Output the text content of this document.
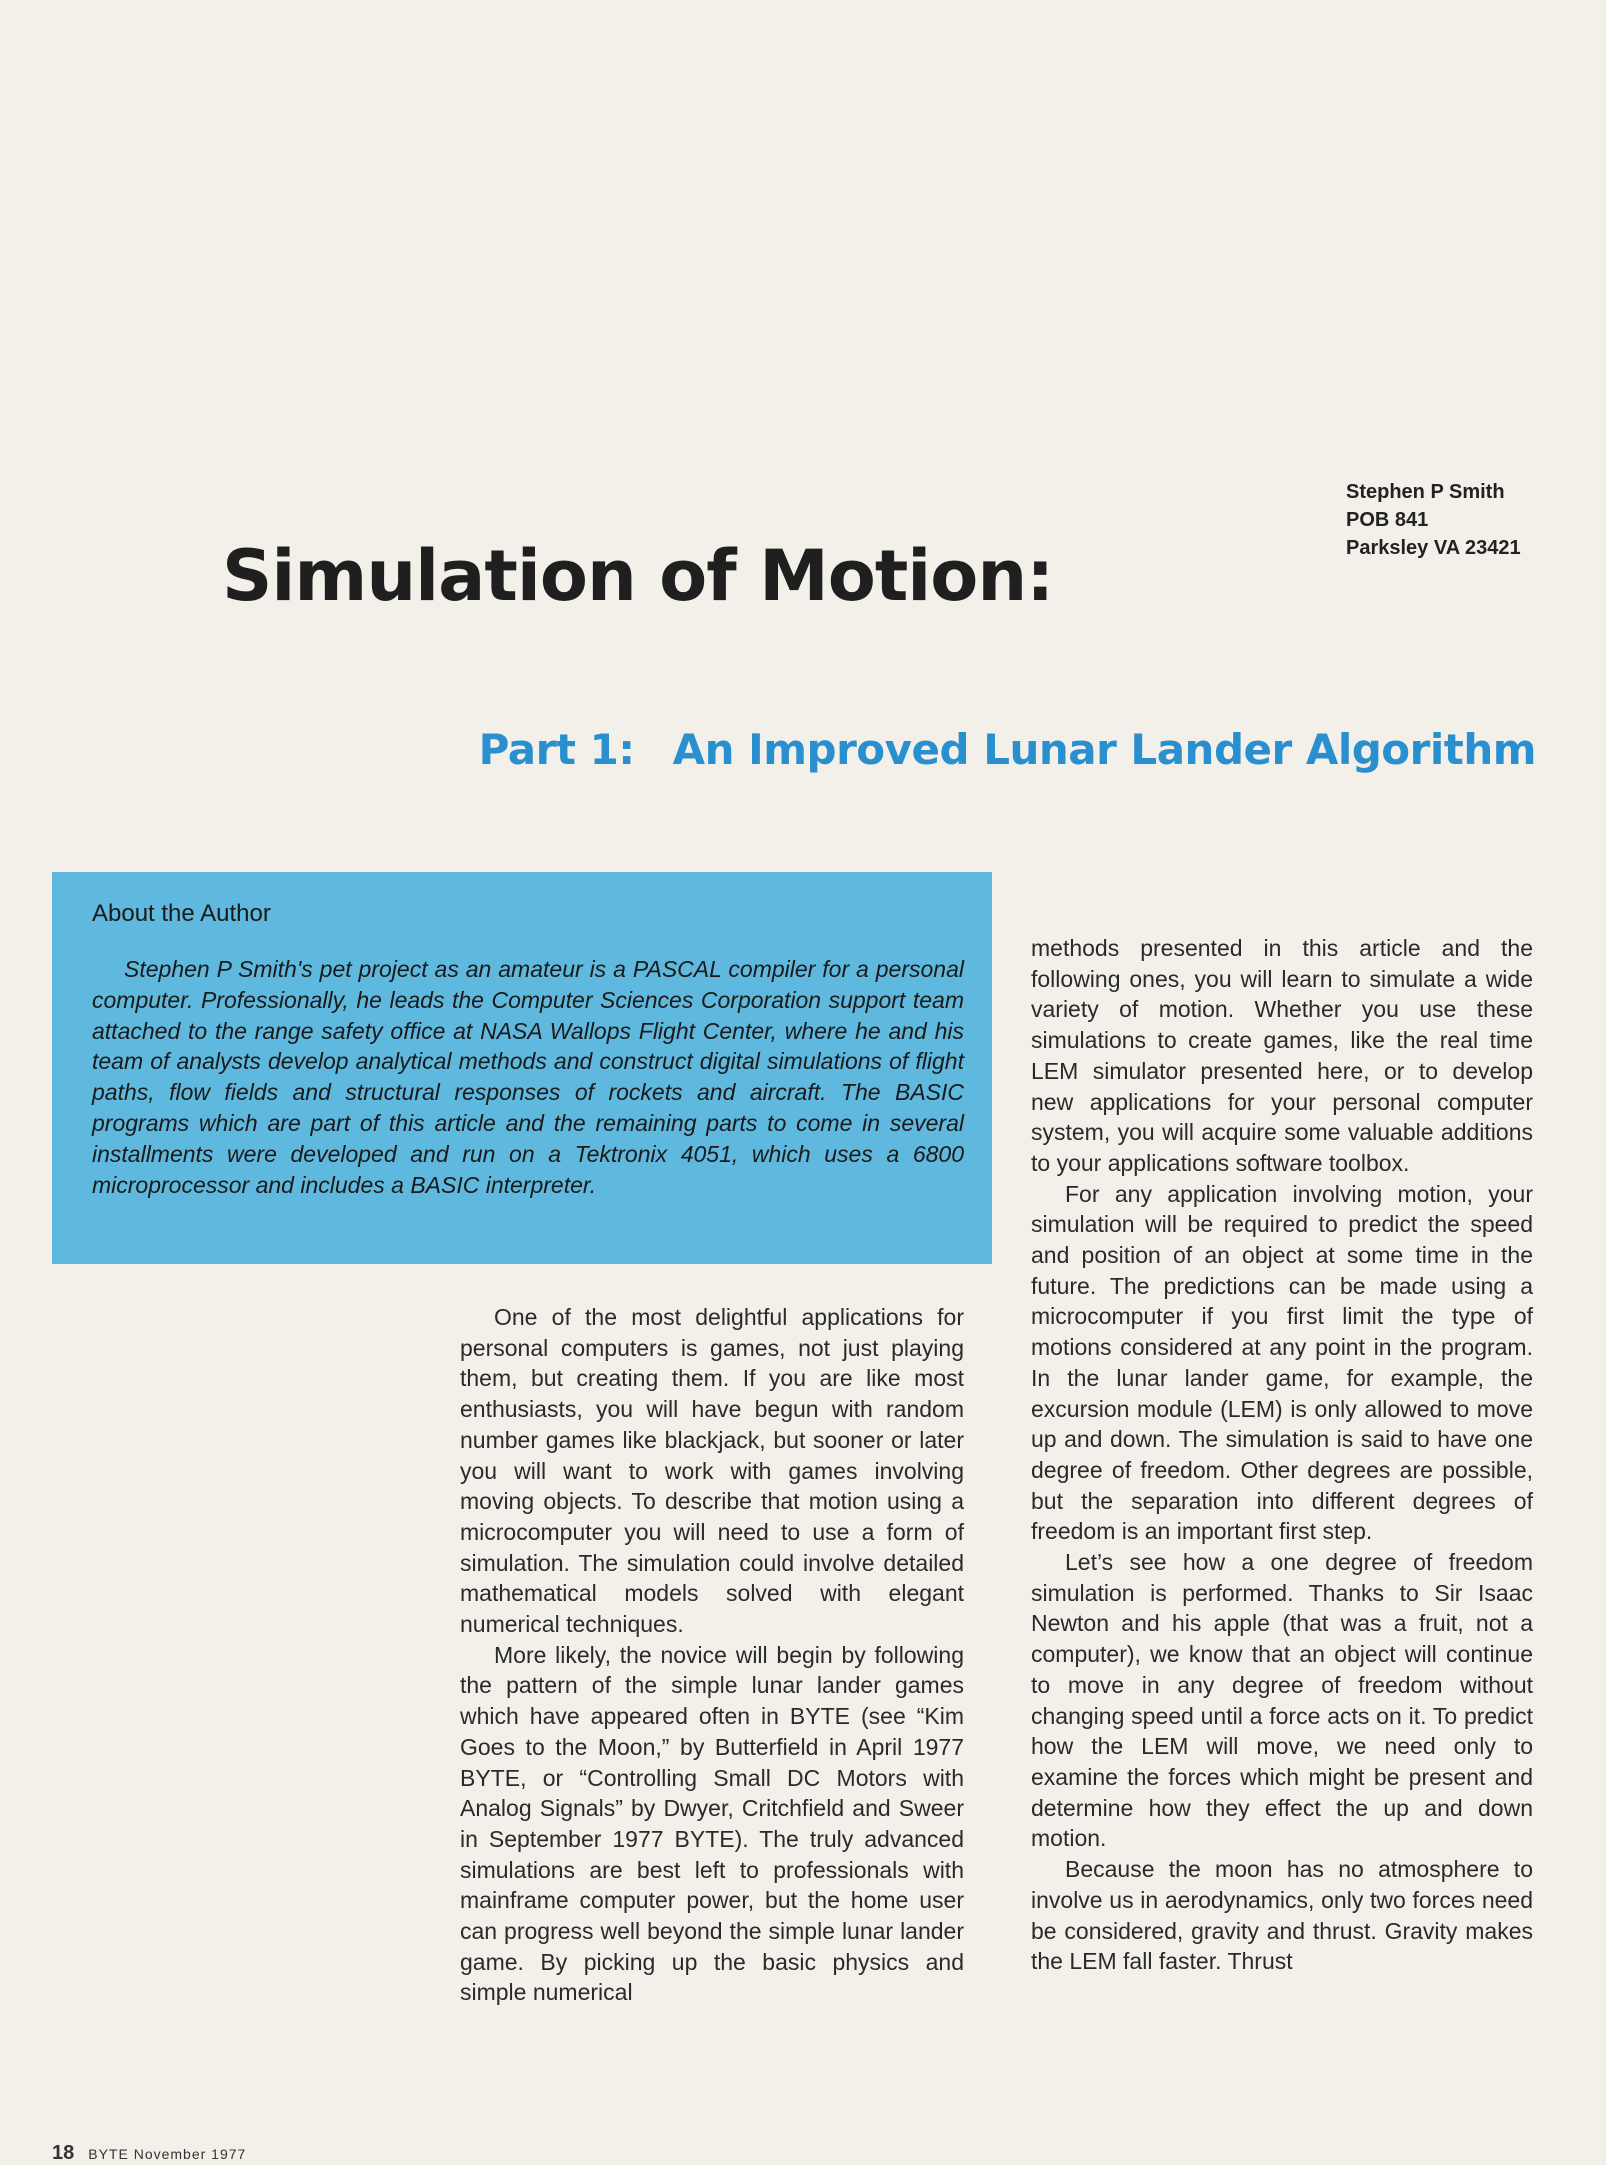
Simulation of Motion:
Stephen P Smith
POB 841
Parksley VA 23421
Part 1: An Improved Lunar Lander Algorithm
About the Author

Stephen P Smith's pet project as an amateur is a PASCAL compiler for a personal computer. Professionally, he leads the Computer Sciences Corporation support team attached to the range safety office at NASA Wallops Flight Center, where he and his team of analysts develop analytical methods and construct digital simulations of flight paths, flow fields and structural responses of rockets and aircraft. The BASIC programs which are part of this article and the remaining parts to come in several installments were developed and run on a Tektronix 4051, which uses a 6800 microprocessor and includes a BASIC interpreter.

One of the most delightful applications for personal computers is games, not just playing them, but creating them. If you are like most enthusiasts, you will have begun with random number games like blackjack, but sooner or later you will want to work with games involving moving objects. To describe that motion using a microcomputer you will need to use a form of simulation. The simulation could involve detailed mathematical models solved with elegant numerical techniques.

More likely, the novice will begin by following the pattern of the simple lunar lander games which have appeared often in BYTE (see “Kim Goes to the Moon,” by Butterfield in April 1977 BYTE, or “Controlling Small DC Motors with Analog Signals” by Dwyer, Critchfield and Sweer in September 1977 BYTE). The truly advanced simulations are best left to professionals with mainframe computer power, but the home user can progress well beyond the simple lunar lander game. By picking up the basic physics and simple numerical

methods presented in this article and the following ones, you will learn to simulate a wide variety of motion. Whether you use these simulations to create games, like the real time LEM simulator presented here, or to develop new applications for your personal computer system, you will acquire some valuable additions to your applications software toolbox.

For any application involving motion, your simulation will be required to predict the speed and position of an object at some time in the future. The predictions can be made using a microcomputer if you first limit the type of motions considered at any point in the program. In the lunar lander game, for example, the excursion module (LEM) is only allowed to move up and down. The simulation is said to have one degree of freedom. Other degrees are possible, but the separation into different degrees of freedom is an important first step.

Let’s see how a one degree of freedom simulation is performed. Thanks to Sir Isaac Newton and his apple (that was a fruit, not a computer), we know that an object will continue to move in any degree of freedom without changing speed until a force acts on it. To predict how the LEM will move, we need only to examine the forces which might be present and determine how they effect the up and down motion.

Because the moon has no atmosphere to involve us in aerodynamics, only two forces need be considered, gravity and thrust. Gravity makes the LEM fall faster. Thrust

18 BYTE November 1977
